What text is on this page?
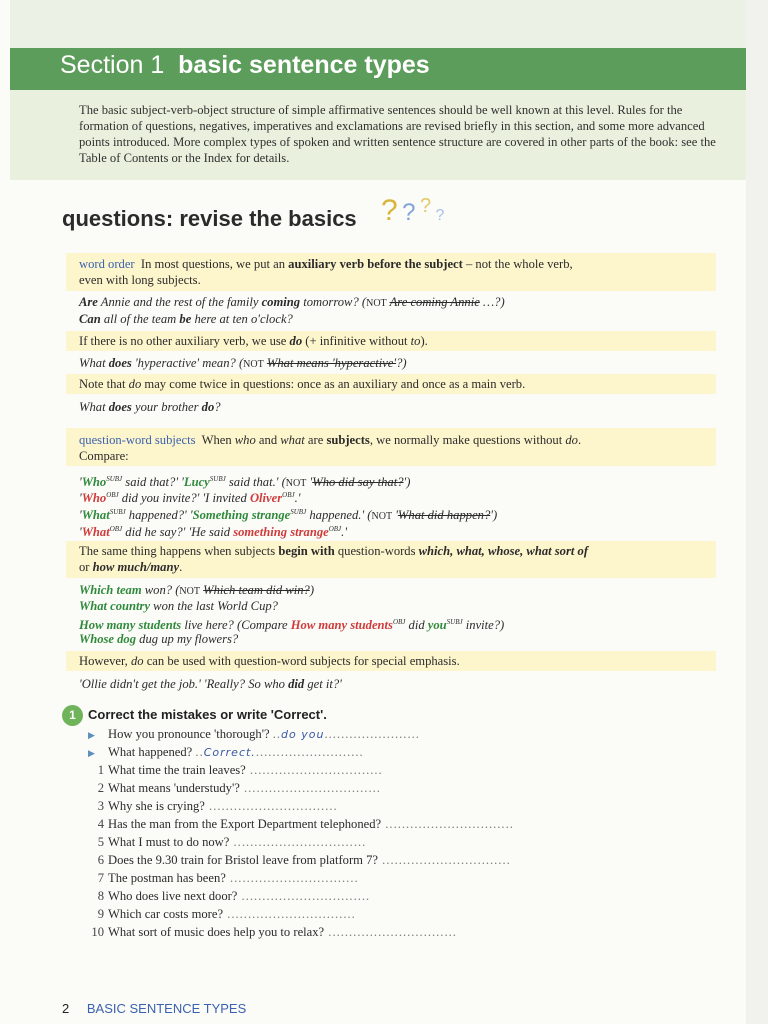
Section 1 basic sentence types
The basic subject-verb-object structure of simple affirmative sentences should be well known at this level. Rules for the formation of questions, negatives, imperatives and exclamations are revised briefly in this section, and some more advanced points introduced. More complex types of spoken and written sentence structure are covered in other parts of the book: see the Table of Contents or the Index for details.
questions: revise the basics ? ? ? ?
word order In most questions, we put an auxiliary verb before the subject – not the whole verb,
even with long subjects.
Are Annie and the rest of the family coming tomorrow? (NOT Are coming Annie …?)
Can all of the team be here at ten o'clock?
If there is no other auxiliary verb, we use do (+ infinitive without to).
What does 'hyperactive' mean? (NOT What means 'hyperactive'?)
Note that do may come twice in questions: once as an auxiliary and once as a main verb.
What does your brother do?
question-word subjects When who and what are subjects, we normally make questions without do.
Compare:
'Who$^{SUBJ}$ said that?' 'Lucy$^{SUBJ}$ said that.' (NOT 'Who did say that?')
'Who$^{OBJ}$ did you invite?' 'I invited Oliver$^{OBJ}$.'
'What$^{SUBJ}$ happened?' 'Something strange$^{SUBJ}$ happened.' (NOT 'What did happen?')
'What$^{OBJ}$ did he say?' 'He said something strange$^{OBJ}$.'
The same thing happens when subjects begin with question-words which, what, whose, what sort of
or how much/many.
Which team won? (NOT Which team did win?)
What country won the last World Cup?
How many students live here? (Compare How many students$^{OBJ}$ did you$^{SUBJ}$ invite?)
Whose dog dug up my flowers?
However, do can be used with question-word subjects for special emphasis.
'Ollie didn't get the job.' 'Really? So who did get it?'
1 Correct the mistakes or write 'Correct'.
▶ How you pronounce 'thorough'? ..do you.......................
▶ What happened? ..Correct...........................
1 What time the train leaves? ................................
2 What means 'understudy'? .................................
3 Why she is crying? ...............................
4 Has the man from the Export Department telephoned? ...............................
5 What I must to do now? ................................
6 Does the 9.30 train for Bristol leave from platform 7? ...............................
7 The postman has been? ...............................
8 Who does live next door? ...............................
9 Which car costs more? ...............................
10 What sort of music does help you to relax? ...............................
2 BASIC SENTENCE TYPES
